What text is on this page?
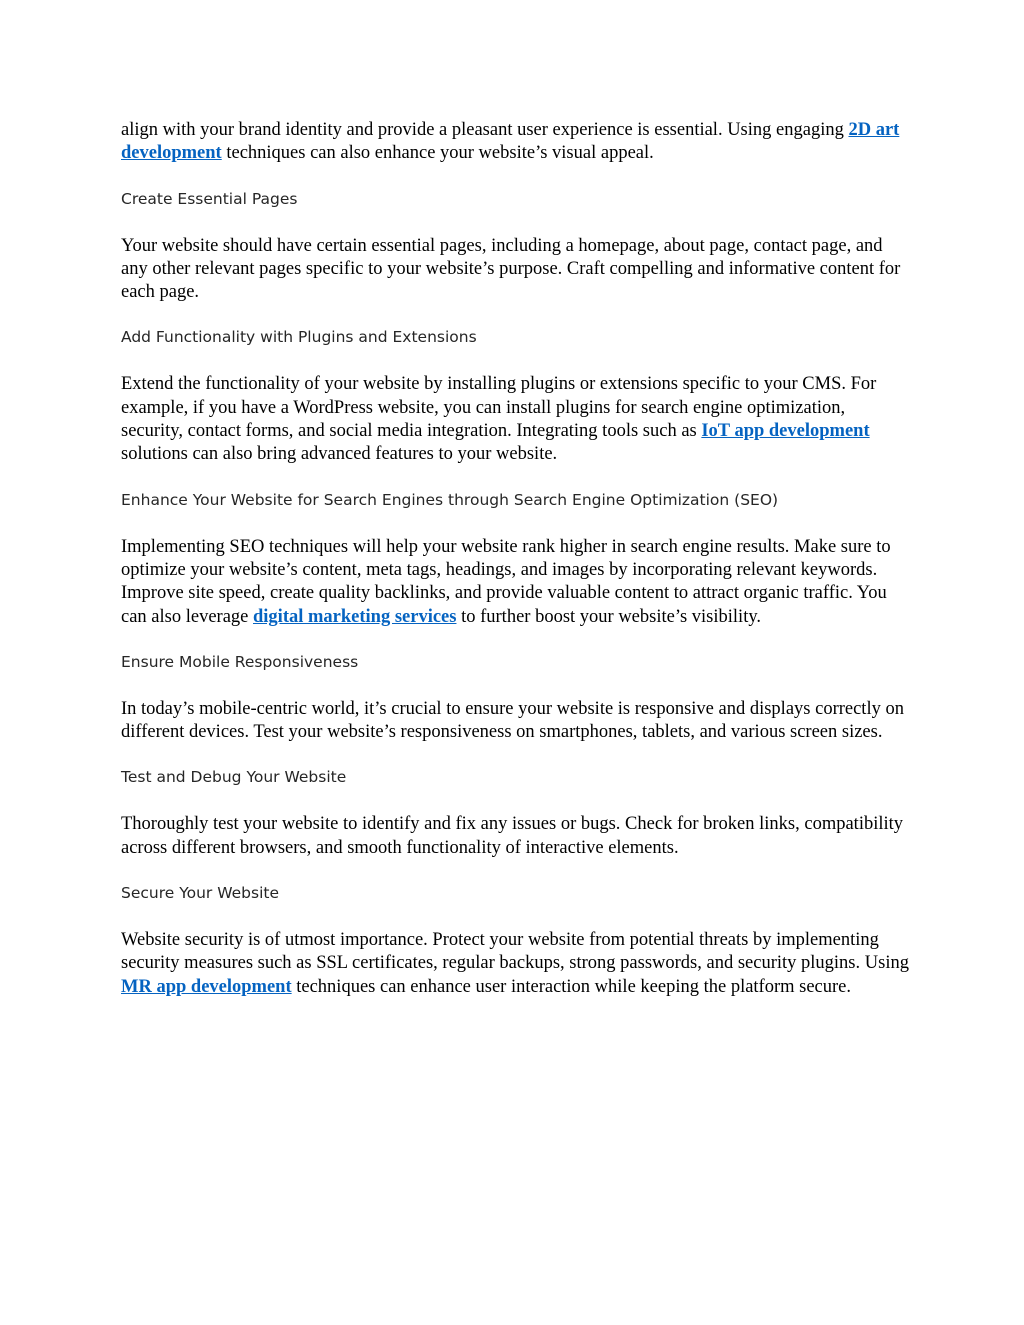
align with your brand identity and provide a pleasant user experience is essential. Using engaging 2D art development techniques can also enhance your website’s visual appeal.

Create Essential Pages

Your website should have certain essential pages, including a homepage, about page, contact page, and any other relevant pages specific to your website’s purpose. Craft compelling and informative content for each page.

Add Functionality with Plugins and Extensions

Extend the functionality of your website by installing plugins or extensions specific to your CMS. For example, if you have a WordPress website, you can install plugins for search engine optimization, security, contact forms, and social media integration. Integrating tools such as IoT app development solutions can also bring advanced features to your website.

Enhance Your Website for Search Engines through Search Engine Optimization (SEO)

Implementing SEO techniques will help your website rank higher in search engine results. Make sure to optimize your website’s content, meta tags, headings, and images by incorporating relevant keywords. Improve site speed, create quality backlinks, and provide valuable content to attract organic traffic. You can also leverage digital marketing services to further boost your website’s visibility.

Ensure Mobile Responsiveness

In today’s mobile-centric world, it’s crucial to ensure your website is responsive and displays correctly on different devices. Test your website’s responsiveness on smartphones, tablets, and various screen sizes.

Test and Debug Your Website

Thoroughly test your website to identify and fix any issues or bugs. Check for broken links, compatibility across different browsers, and smooth functionality of interactive elements.

Secure Your Website

Website security is of utmost importance. Protect your website from potential threats by implementing security measures such as SSL certificates, regular backups, strong passwords, and security plugins. Using MR app development techniques can enhance user interaction while keeping the platform secure.
